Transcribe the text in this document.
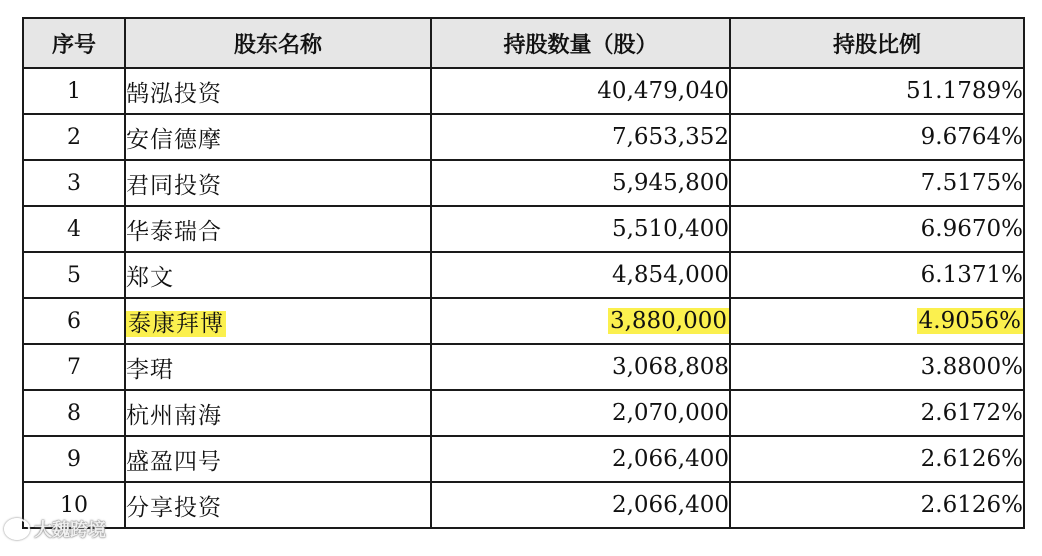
序号	股东名称	持股数量（股）	持股比例
1	鹄泓投资	40,479,040	51.1789%
2	安信德摩	7,653,352	9.6764%
3	君同投资	5,945,800	7.5175%
4	华泰瑞合	5,510,400	6.9670%
5	郑文	4,854,000	6.1371%
6	泰康拜博	3,880,000	4.9056%
7	李珺	3,068,808	3.8800%
8	杭州南海	2,070,000	2.6172%
9	盛盈四号	2,066,400	2.6126%
10	分享投资	2,066,400	2.6126%
大魏跨境
